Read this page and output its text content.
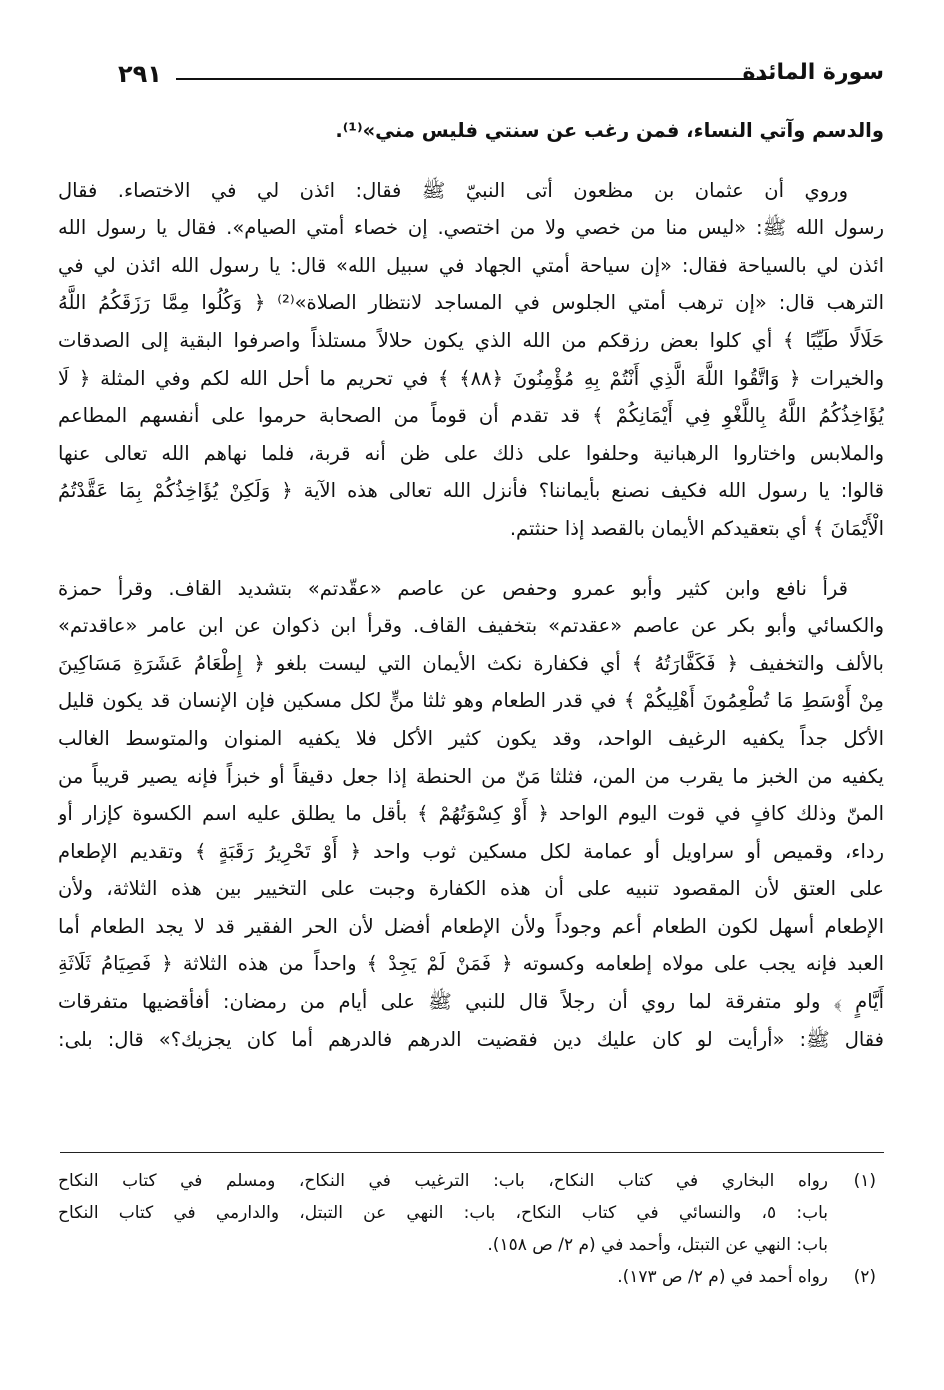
سورة المائدة
٢٩١
والدسم وآتي النساء، فمن رغب عن سنتي فليس مني»⁽¹⁾.
وروي أن عثمان بن مظعون أتى النبيّ ﷺ فقال: ائذن لي في الاختصاء. فقال
رسول الله ﷺ: «ليس منا من خصي ولا من اختصي. إن خصاء أمتي الصيام». فقال يا رسول الله
ائذن لي بالسياحة فقال: «إن سياحة أمتي الجهاد في سبيل الله» قال: يا رسول الله ائذن لي في
الترهب قال: «إن ترهب أمتي الجلوس في المساجد لانتظار الصلاة»⁽²⁾ ﴿ وَكُلُوا مِمَّا رَزَقَكُمُ اللَّهُ
حَلَالًا طَيِّبًا ﴾ أي كلوا بعض رزقكم من الله الذي يكون حلالاً مستلذاً واصرفوا البقية إلى الصدقات
والخيرات ﴿ وَاتَّقُوا اللَّهَ الَّذِي أَنْتُمْ بِهِ مُؤْمِنُونَ ﴿٨٨﴾ ﴾ في تحريم ما أحل الله لكم وفي المثلة ﴿ لَا
يُؤَاخِذُكُمُ اللَّهُ بِاللَّغْوِ فِي أَيْمَانِكُمْ ﴾ قد تقدم أن قوماً من الصحابة حرموا على أنفسهم المطاعم
والملابس واختاروا الرهبانية وحلفوا على ذلك على ظن أنه قربة، فلما نهاهم الله تعالى عنها
قالوا: يا رسول الله فكيف نصنع بأيماننا؟ فأنزل الله تعالى هذه الآية ﴿ وَلَكِنْ يُؤَاخِذُكُمْ بِمَا عَقَّدْتُمُ
الْأَيْمَانَ ﴾ أي بتعقيدكم الأيمان بالقصد إذا حنثتم.
قرأ نافع وابن كثير وأبو عمرو وحفص عن عاصم «عقّدتم» بتشديد القاف. وقرأ حمزة
والكسائي وأبو بكر عن عاصم «عقدتم» بتخفيف القاف. وقرأ ابن ذكوان عن ابن عامر «عاقدتم»
بالألف والتخفيف ﴿ فَكَفَّارَتُهُ ﴾ أي فكفارة نكث الأيمان التي ليست بلغو ﴿ إِطْعَامُ عَشَرَةِ مَسَاكِينَ
مِنْ أَوْسَطِ مَا تُطْعِمُونَ أَهْلِيكُمْ ﴾ في قدر الطعام وهو ثلثا منٍّ لكل مسكين فإن الإنسان قد يكون قليل
الأكل جداً يكفيه الرغيف الواحد، وقد يكون كثير الأكل فلا يكفيه المنوان والمتوسط الغالب
يكفيه من الخبز ما يقرب من المن، فثلثا مَنّ من الحنطة إذا جعل دقيقاً أو خبزاً فإنه يصير قريباً من
المنّ وذلك كافٍ في قوت اليوم الواحد ﴿ أَوْ كِسْوَتُهُمْ ﴾ بأقل ما يطلق عليه اسم الكسوة كإزار أو
رداء، وقميص أو سراويل أو عمامة لكل مسكين ثوب واحد ﴿ أَوْ تَحْرِيرُ رَقَبَةٍ ﴾ وتقديم الإطعام
على العتق لأن المقصود تنبيه على أن هذه الكفارة وجبت على التخيير بين هذه الثلاثة، ولأن
الإطعام أسهل لكون الطعام أعم وجوداً ولأن الإطعام أفضل لأن الحر الفقير قد لا يجد الطعام أما
العبد فإنه يجب على مولاه إطعامه وكسوته ﴿ فَمَنْ لَمْ يَجِدْ ﴾ واحداً من هذه الثلاثة ﴿ فَصِيَامُ ثَلَاثَةِ
أَيَّامٍ ﴾ ولو متفرقة لما روي أن رجلاً قال للنبي ﷺ على أيام من رمضان: أفأقضيها متفرقات
فقال ﷺ: «أرأيت لو كان عليك دين فقضيت الدرهم فالدرهم أما كان يجزيك؟» قال: بلى:
(١)
رواه البخاري في كتاب النكاح، باب: الترغيب في النكاح، ومسلم في كتاب النكاح
باب: ٥، والنسائي في كتاب النكاح، باب: النهي عن التبتل، والدارمي في كتاب النكاح
باب: النهي عن التبتل، وأحمد في (م ٢/ ص ١٥٨).
(٢)
رواه أحمد في (م ٢/ ص ١٧٣).
